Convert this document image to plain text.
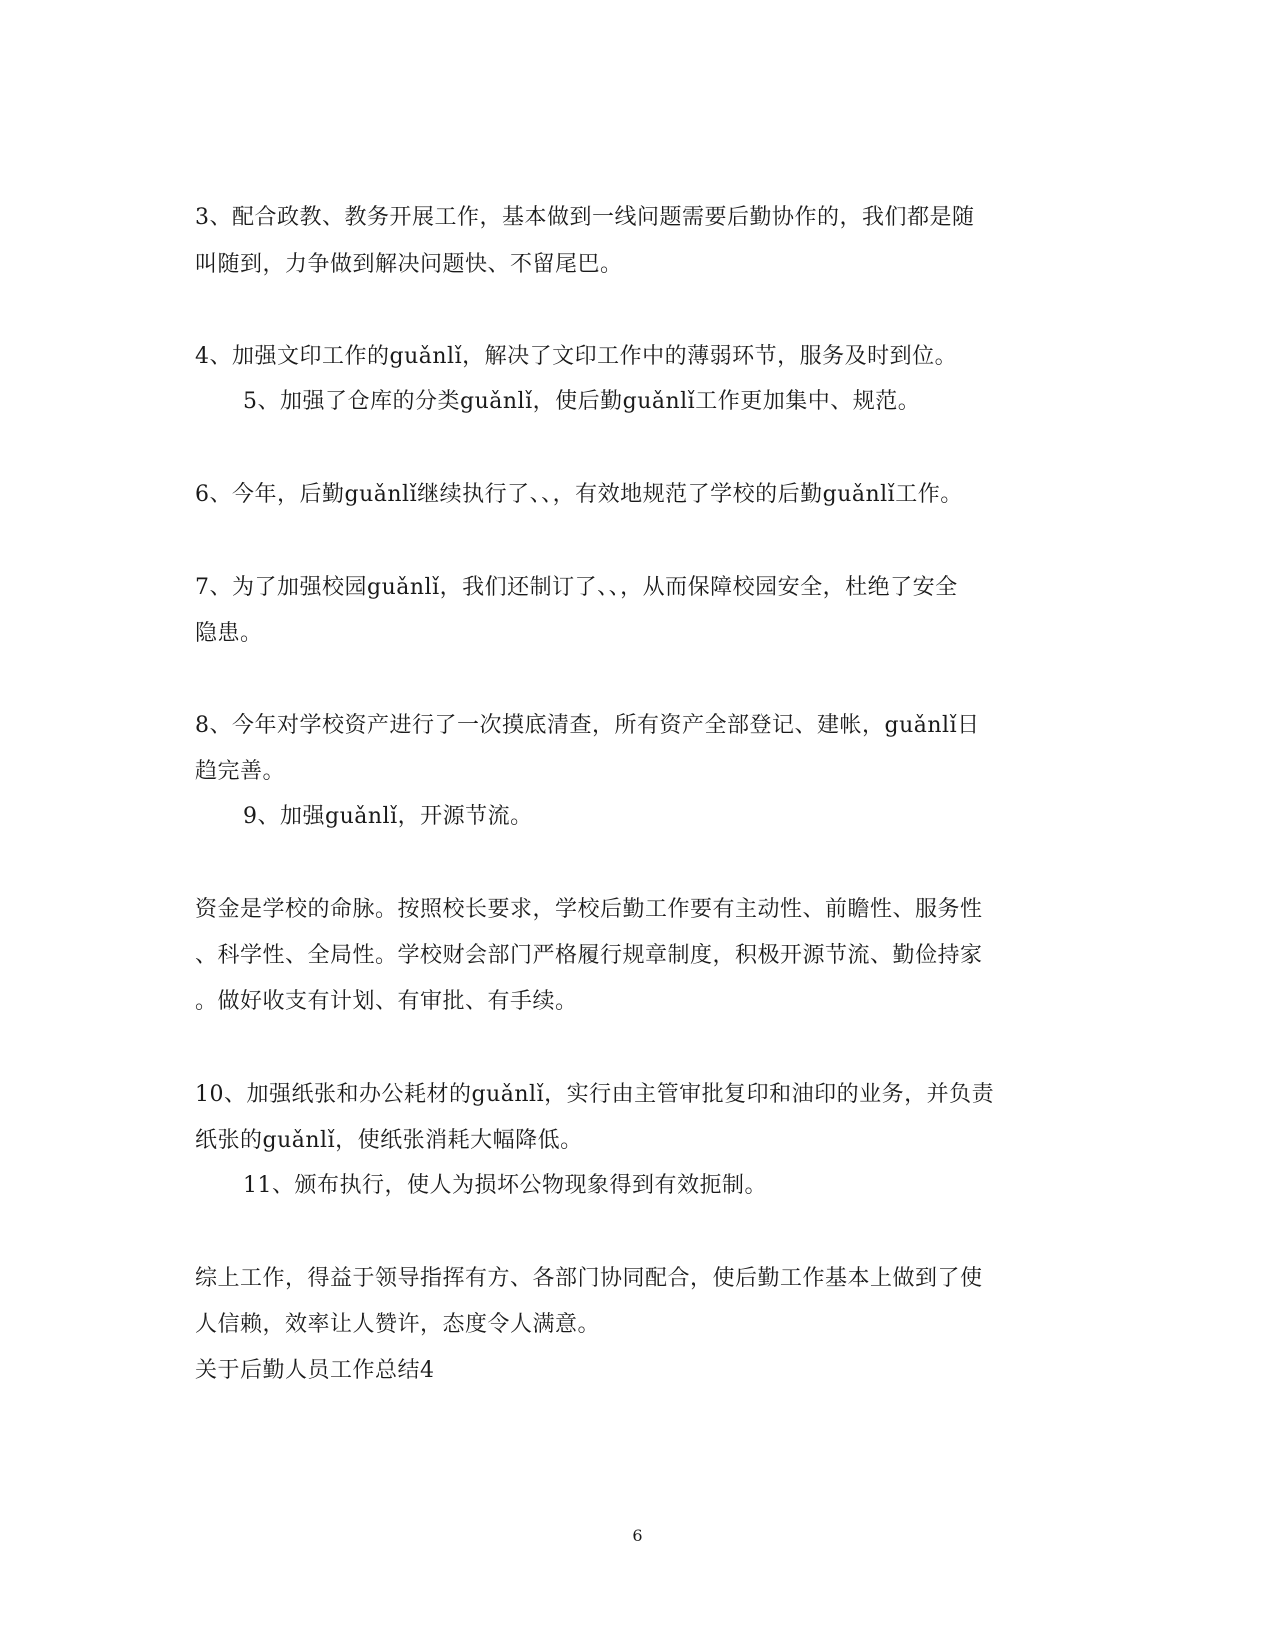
3、配合政教、教务开展工作，基本做到一线问题需要后勤协作的，我们都是随
叫随到，力争做到解决问题快、不留尾巴。
4、加强文印工作的guǎnlǐ，解决了文印工作中的薄弱环节，服务及时到位。
5、加强了仓库的分类guǎnlǐ，使后勤guǎnlǐ工作更加集中、规范。
6、今年，后勤guǎnlǐ继续执行了、、，有效地规范了学校的后勤guǎnlǐ工作。
7、为了加强校园guǎnlǐ，我们还制订了、、，从而保障校园安全，杜绝了安全
隐患。
8、今年对学校资产进行了一次摸底清查，所有资产全部登记、建帐，guǎnlǐ日
趋完善。
9、加强guǎnlǐ，开源节流。
资金是学校的命脉。按照校长要求，学校后勤工作要有主动性、前瞻性、服务性
、科学性、全局性。学校财会部门严格履行规章制度，积极开源节流、勤俭持家
。做好收支有计划、有审批、有手续。
10、加强纸张和办公耗材的guǎnlǐ，实行由主管审批复印和油印的业务，并负责
纸张的guǎnlǐ，使纸张消耗大幅降低。
11、颁布执行，使人为损坏公物现象得到有效扼制。
综上工作，得益于领导指挥有方、各部门协同配合，使后勤工作基本上做到了使
人信赖，效率让人赞许，态度令人满意。
关于后勤人员工作总结4
6
